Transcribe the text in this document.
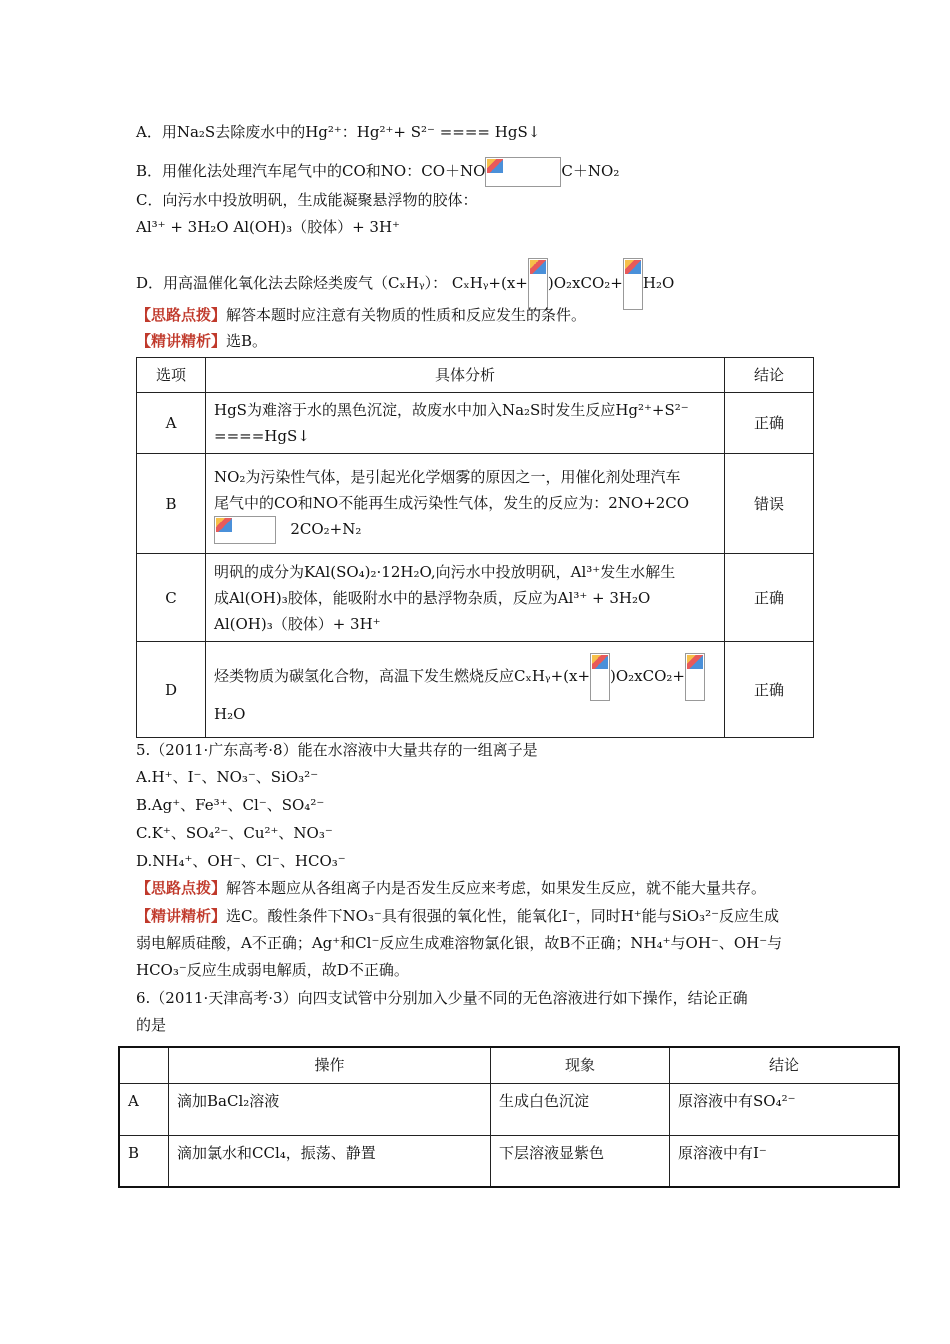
A．用Na₂S去除废水中的Hg²⁺：Hg²⁺+ S²⁻ ==== HgS↓
B．用催化法处理汽车尾气中的CO和NO：CO＋NO	C＋NO₂
C．向污水中投放明矾，生成能凝聚悬浮物的胶体：
Al³⁺ + 3H₂O Al(OH)₃（胶体）+ 3H⁺
D．用高温催化氧化法去除烃类废气（CₓHᵧ）： CₓHᵧ+(x+ )O₂xCO₂+ H₂O
【思路点拨】解答本题时应注意有关物质的性质和反应发生的条件。
【精讲精析】选B。
选项	具体分析	结论
A	HgS为难溶于水的黑色沉淀，故废水中加入Na₂S时发生反应Hg²⁺+S²⁻
====HgS↓	正确
B	NO₂为污染性气体，是引起光化学烟雾的原因之一，用催化剂处理汽车
尾气中的CO和NO不能再生成污染性气体，发生的反应为：2NO+2CO
2CO₂+N₂	错误
C	明矾的成分为KAl(SO₄)₂·12H₂O,向污水中投放明矾，Al³⁺发生水解生
成Al(OH)₃胶体，能吸附水中的悬浮物杂质，反应为Al³⁺ + 3H₂O
Al(OH)₃（胶体）+ 3H⁺	正确
D	烃类物质为碳氢化合物，高温下发生燃烧反应CₓHᵧ+(x+ )O₂xCO₂+
H₂O	正确
5.（2011·广东高考·8）能在水溶液中大量共存的一组离子是
A.H⁺、I⁻、NO₃⁻、SiO₃²⁻
B.Ag⁺、Fe³⁺、Cl⁻、SO₄²⁻
C.K⁺、SO₄²⁻、Cu²⁺、NO₃⁻
D.NH₄⁺、OH⁻、Cl⁻、HCO₃⁻
【思路点拨】解答本题应从各组离子内是否发生反应来考虑，如果发生反应，就不能大量共存。
【精讲精析】选C。酸性条件下NO₃⁻具有很强的氧化性，能氧化I⁻，同时H⁺能与SiO₃²⁻反应生成
弱电解质硅酸，A不正确；Ag⁺和Cl⁻反应生成难溶物氯化银，故B不正确；NH₄⁺与OH⁻、OH⁻与
HCO₃⁻反应生成弱电解质，故D不正确。
6.（2011·天津高考·3）向四支试管中分别加入少量不同的无色溶液进行如下操作，结论正确
的是
	操作	现象	结论
A	滴加BaCl₂溶液	生成白色沉淀	原溶液中有SO₄²⁻
B	滴加氯水和CCl₄，振荡、静置	下层溶液显紫色	原溶液中有I⁻
